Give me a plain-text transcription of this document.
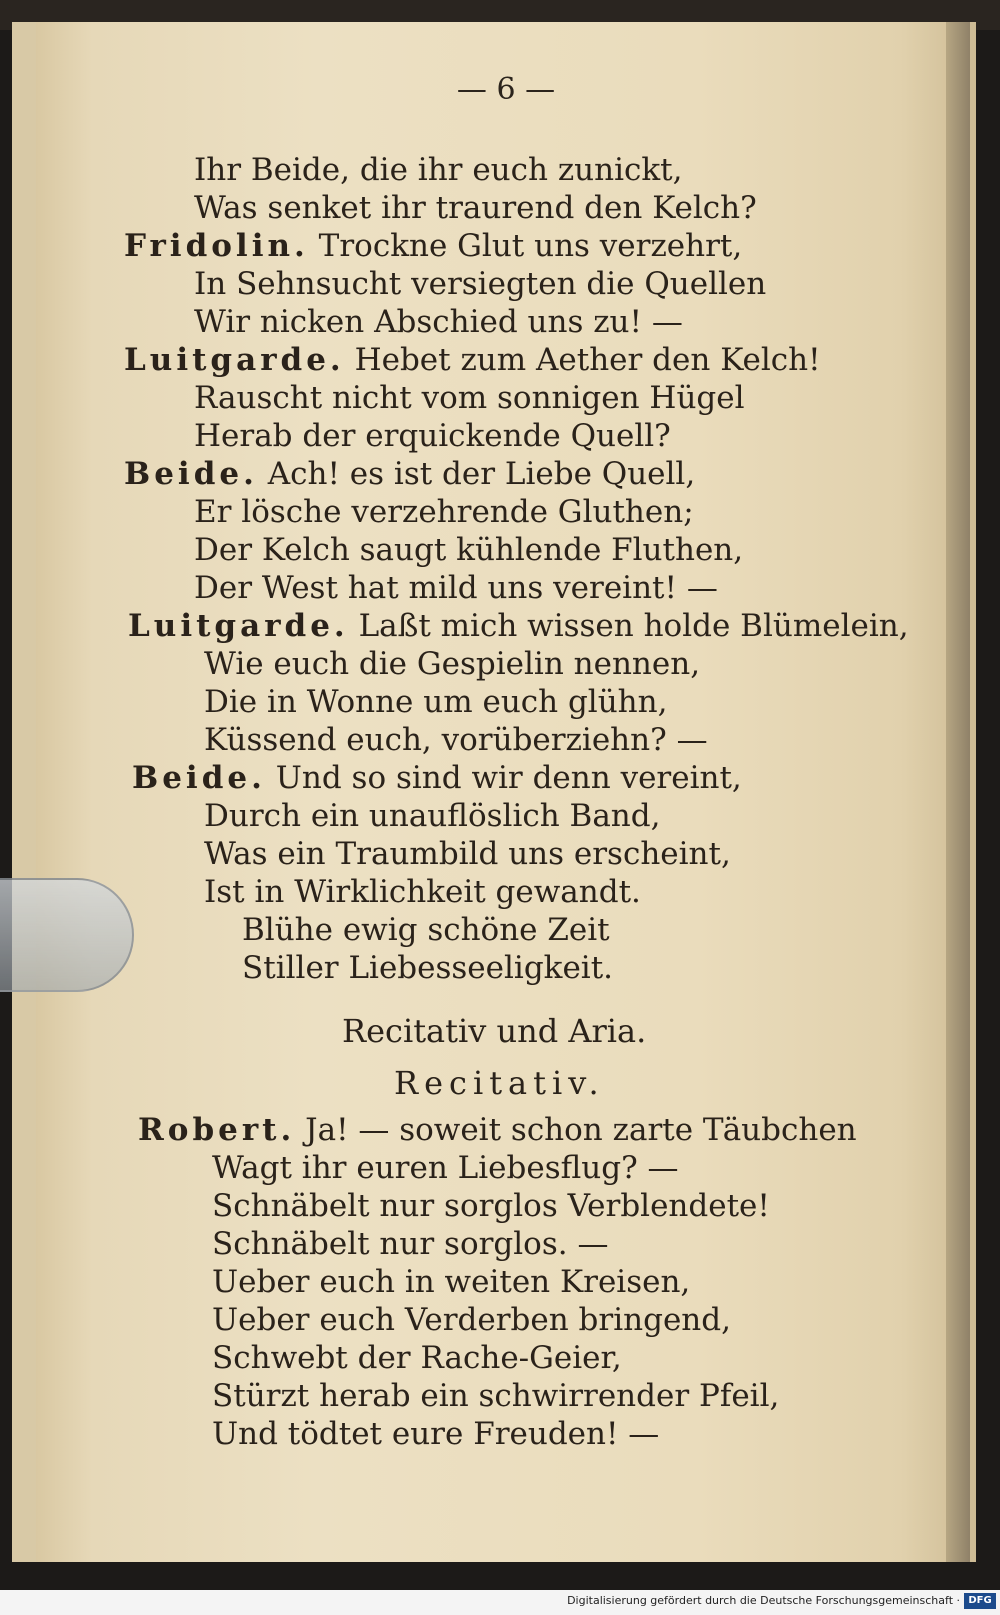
— 6 —
Ihr Beide, die ihr euch zunickt,
Was senket ihr traurend den Kelch?
Fridolin. Trockne Glut uns verzehrt,
In Sehnsucht versiegten die Quellen
Wir nicken Abschied uns zu! —
Luitgarde. Hebet zum Aether den Kelch!
Rauscht nicht vom sonnigen Hügel
Herab der erquickende Quell?
Beide. Ach! es ist der Liebe Quell,
Er lösche verzehrende Gluthen;
Der Kelch saugt kühlende Fluthen,
Der West hat mild uns vereint! —
Luitgarde. Laßt mich wissen holde Blümelein,
Wie euch die Gespielin nennen,
Die in Wonne um euch glühn,
Küssend euch, vorüberziehn? —
Beide. Und so sind wir denn vereint,
Durch ein unauflöslich Band,
Was ein Traumbild uns erscheint,
Ist in Wirklichkeit gewandt.
Blühe ewig schöne Zeit
Stiller Liebesseeligkeit.
Recitativ und Aria.
Recitativ.
Robert. Ja! — soweit schon zarte Täubchen
Wagt ihr euren Liebesflug? —
Schnäbelt nur sorglos Verblendete!
Schnäbelt nur sorglos. —
Ueber euch in weiten Kreisen,
Ueber euch Verderben bringend,
Schwebt der Rache-Geier,
Stürzt herab ein schwirrender Pfeil,
Und tödtet eure Freuden! —
Digitalisierung gefördert durch die Deutsche Forschungsgemeinschaft · DFG
